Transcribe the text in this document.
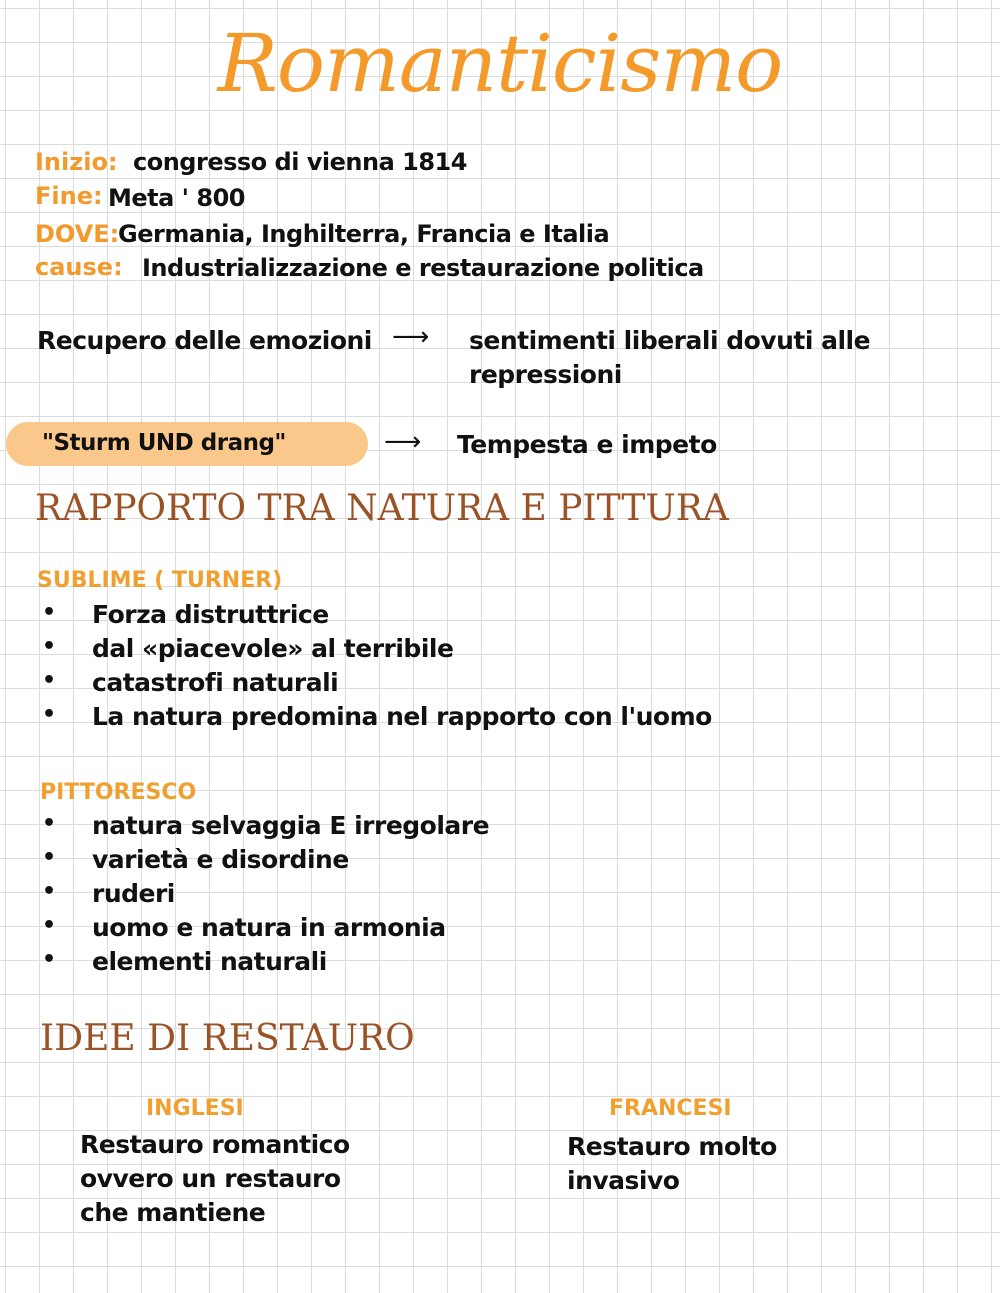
Romanticismo
Inizio: congresso di vienna 1814
Fine: Meta ' 800
DOVE:
Germania, Inghilterra, Francia e Italia
cause: Industrializzazione e restaurazione politica
Recupero delle emozioni ⟶ sentimenti liberali dovuti alle
repressioni
"Sturm UND drang"	⟶ Tempesta e impeto
RAPPORTO TRA NATURA E PITTURA
SUBLIME ( TURNER)
• Forza distruttrice
• dal «piacevole» al terribile
• catastrofi naturali
• La natura predomina nel rapporto con l'uomo
PITTORESCO
• natura selvaggia E irregolare
• varietà e disordine
• ruderi
• uomo e natura in armonia
• elementi naturali
IDEE DI RESTAURO
INGLESI
Restauro romantico
ovvero un restauro
che mantiene
FRANCESI
Restauro molto
invasivo
